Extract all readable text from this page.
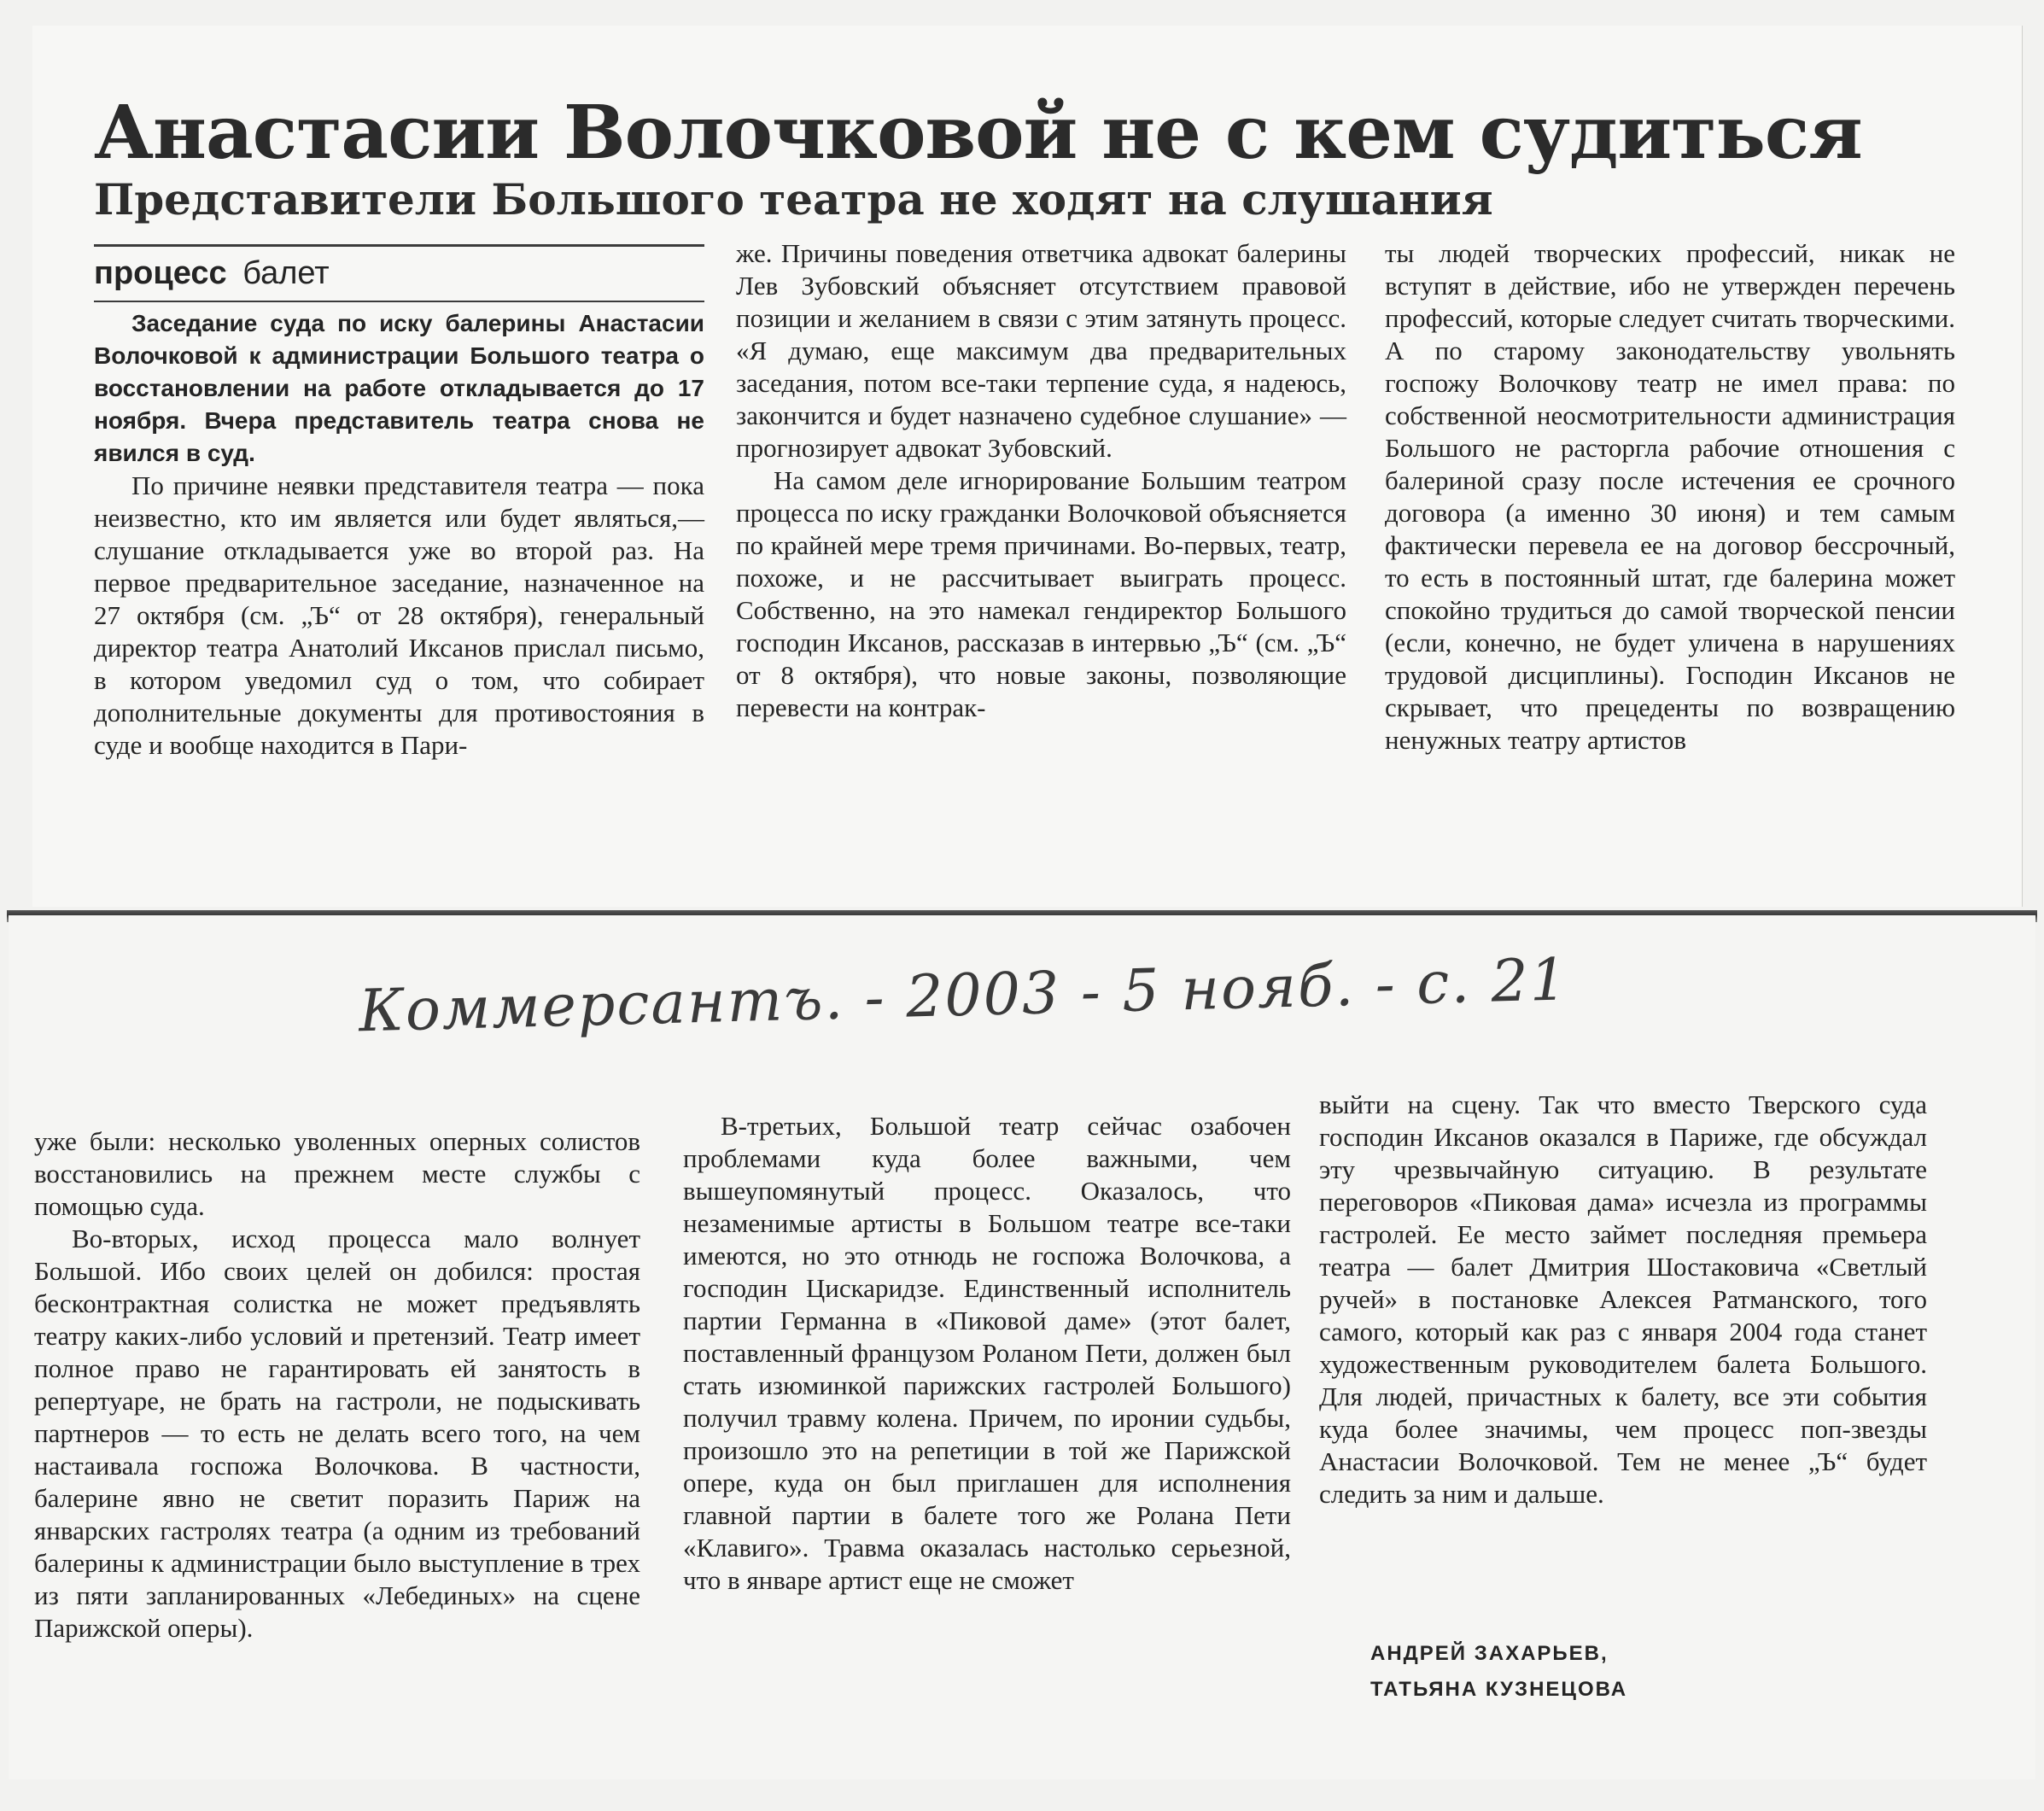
Анастасии Волочковой не с кем судиться
Представители Большого театра не ходят на слушания
процесс балет

Заседание суда по иску балерины Анастасии Волочковой к администрации Большого театра о восстановлении на работе откладывается до 17 ноября. Вчера представитель театра снова не явился в суд.

По причине неявки представителя театра — пока неизвестно, кто им является или будет являться,— слушание откладывается уже во второй раз. На первое предварительное заседание, назначенное на 27 октября (см. „Ъ“ от 28 октября), генеральный директор театра Анатолий Иксанов прислал письмо, в котором уведомил суд о том, что собирает дополнительные документы для противостояния в суде и вообще находится в Пари-

же. Причины поведения ответчика адвокат балерины Лев Зубовский объясняет отсутствием правовой позиции и желанием в связи с этим затянуть процесс. «Я думаю, еще максимум два предварительных заседания, потом все-таки терпение суда, я надеюсь, закончится и будет назначено судебное слушание» — прогнозирует адвокат Зубовский.

На самом деле игнорирование Большим театром процесса по иску гражданки Волочковой объясняется по крайней мере тремя причинами. Во-первых, театр, похоже, и не рассчитывает выиграть процесс. Собственно, на это намекал гендиректор Большого господин Иксанов, рассказав в интервью „Ъ“ (см. „Ъ“ от 8 октября), что новые законы, позволяющие перевести на контрак-

ты людей творческих профессий, никак не вступят в действие, ибо не утвержден перечень профессий, которые следует считать творческими. А по старому законодательству увольнять госпожу Волочкову театр не имел права: по собственной неосмотрительности администрация Большого не расторгла рабочие отношения с балериной сразу после истечения ее срочного договора (а именно 30 июня) и тем самым фактически перевела ее на договор бессрочный, то есть в постоянный штат, где балерина может спокойно трудиться до самой творческой пенсии (если, конечно, не будет уличена в нарушениях трудовой дисциплины). Господин Иксанов не скрывает, что прецеденты по возвращению ненужных театру артистов

Коммерсантъ. - 2003 - 5 нояб. - с. 21

уже были: несколько уволенных оперных солистов восстановились на прежнем месте службы с помощью суда.

Во-вторых, исход процесса мало волнует Большой. Ибо своих целей он добился: простая бесконтрактная солистка не может предъявлять театру каких-либо условий и претензий. Театр имеет полное право не гарантировать ей занятость в репертуаре, не брать на гастроли, не подыскивать партнеров — то есть не делать всего того, на чем настаивала госпожа Волочкова. В частности, балерине явно не светит поразить Париж на январских гастролях театра (а одним из требований балерины к администрации было выступление в трех из пяти запланированных «Лебединых» на сцене Парижской оперы).

В-третьих, Большой театр сейчас озабочен проблемами куда более важными, чем вышеупомянутый процесс. Оказалось, что незаменимые артисты в Большом театре все-таки имеются, но это отнюдь не госпожа Волочкова, а господин Цискаридзе. Единственный исполнитель партии Германна в «Пиковой даме» (этот балет, поставленный французом Роланом Пети, должен был стать изюминкой парижских гастролей Большого) получил травму колена. Причем, по иронии судьбы, произошло это на репетиции в той же Парижской опере, куда он был приглашен для исполнения главной партии в балете того же Ролана Пети «Клавиго». Травма оказалась настолько серьезной, что в январе артист еще не сможет

выйти на сцену. Так что вместо Тверского суда господин Иксанов оказался в Париже, где обсуждал эту чрезвычайную ситуацию. В результате переговоров «Пиковая дама» исчезла из программы гастролей. Ее место займет последняя премьера театра — балет Дмитрия Шостаковича «Светлый ручей» в постановке Алексея Ратманского, того самого, который как раз с января 2004 года станет художественным руководителем балета Большого. Для людей, причастных к балету, все эти события куда более значимы, чем процесс поп-звезды Анастасии Волочковой. Тем не менее „Ъ“ будет следить за ним и дальше.

АНДРЕЙ ЗАХАРЬЕВ,
ТАТЬЯНА КУЗНЕЦОВА
